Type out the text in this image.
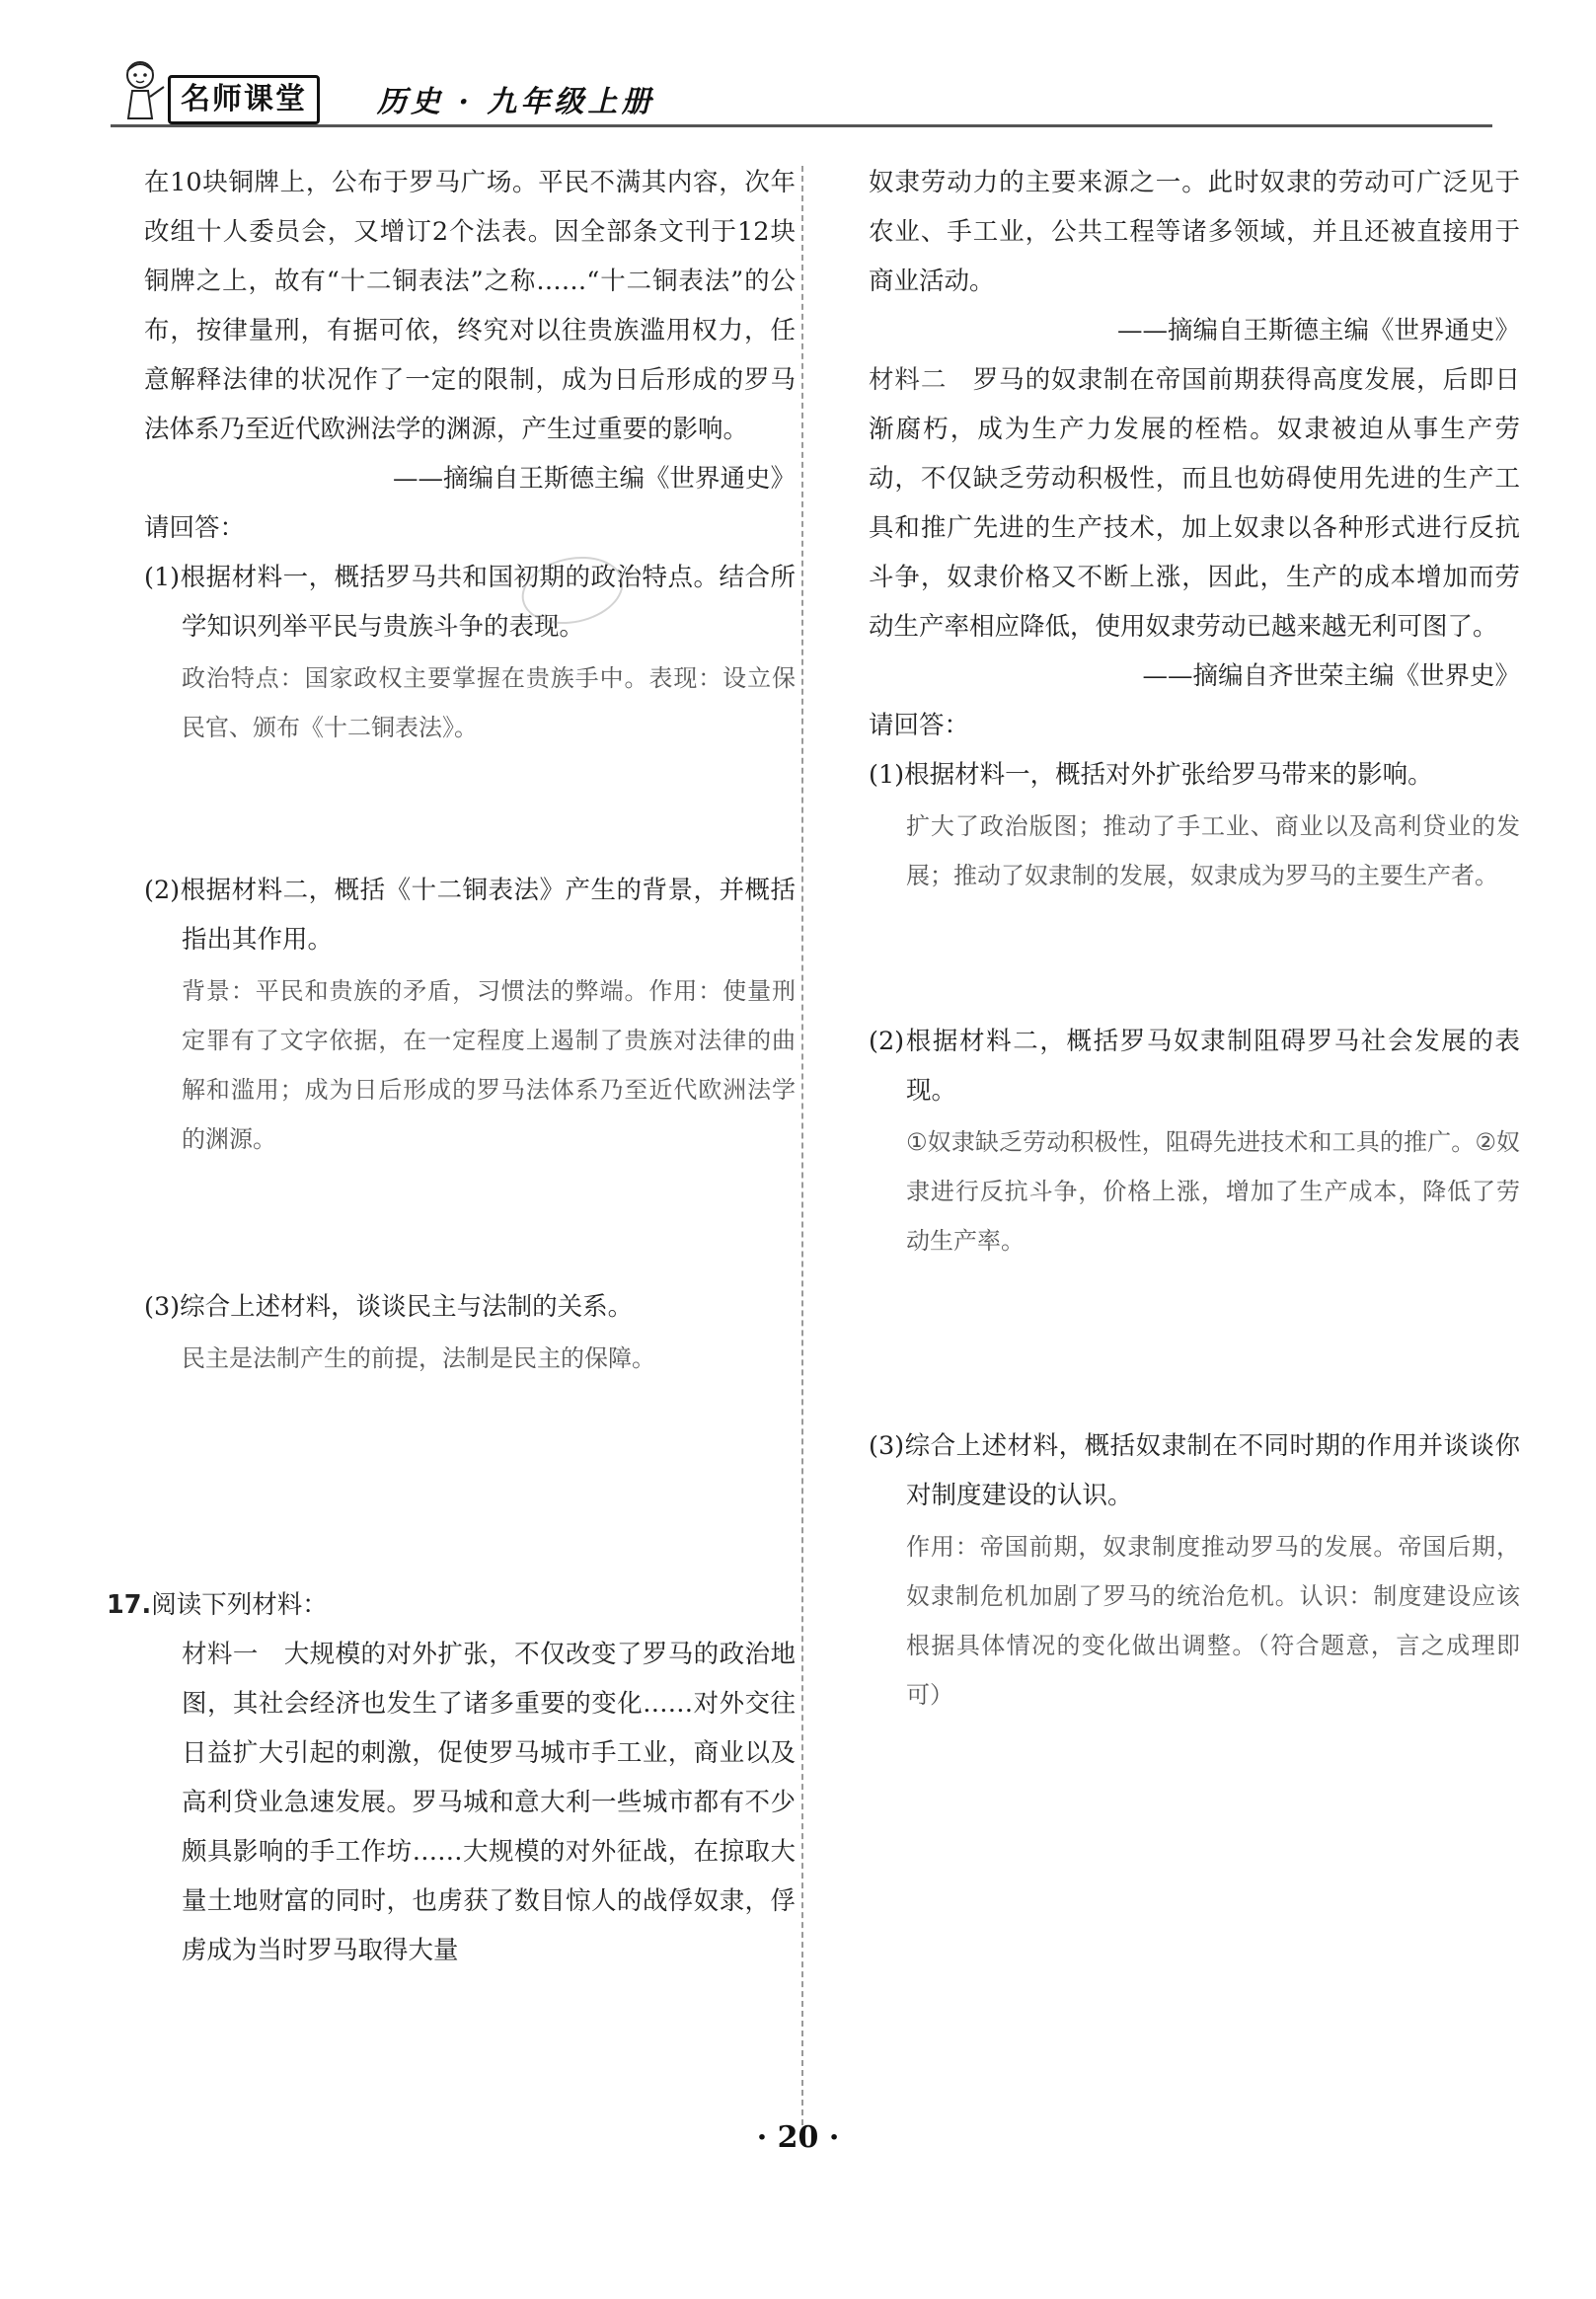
名师课堂	历史 · 九年级上册

在10块铜牌上，公布于罗马广场。平民不满其内容，次年改组十人委员会，又增订2个法表。因全部条文刊于12块铜牌之上，故有“十二铜表法”之称……“十二铜表法”的公布，按律量刑，有据可依，终究对以往贵族滥用权力，任意解释法律的状况作了一定的限制，成为日后形成的罗马法体系乃至近代欧洲法学的渊源，产生过重要的影响。

——摘编自王斯德主编《世界通史》

请回答：

(1)根据材料一，概括罗马共和国初期的政治特点。结合所学知识列举平民与贵族斗争的表现。

政治特点：国家政权主要掌握在贵族手中。表现：设立保民官、颁布《十二铜表法》。

(2)根据材料二，概括《十二铜表法》产生的背景，并概括指出其作用。

背景：平民和贵族的矛盾，习惯法的弊端。作用：使量刑定罪有了文字依据，在一定程度上遏制了贵族对法律的曲解和滥用；成为日后形成的罗马法体系乃至近代欧洲法学的渊源。

(3)综合上述材料，谈谈民主与法制的关系。

民主是法制产生的前提，法制是民主的保障。

17.阅读下列材料：

材料一　 大规模的对外扩张，不仅改变了罗马的政治地图，其社会经济也发生了诸多重要的变化……对外交往日益扩大引起的刺激，促使罗马城市手工业，商业以及高利贷业急速发展。罗马城和意大利一些城市都有不少颇具影响的手工作坊……大规模的对外征战，在掠取大量土地财富的同时，也虏获了数目惊人的战俘奴隶，俘虏成为当时罗马取得大量

奴隶劳动力的主要来源之一。此时奴隶的劳动可广泛见于农业、手工业，公共工程等诸多领域，并且还被直接用于商业活动。

——摘编自王斯德主编《世界通史》

材料二　 罗马的奴隶制在帝国前期获得高度发展，后即日渐腐朽，成为生产力发展的桎梏。奴隶被迫从事生产劳动，不仅缺乏劳动积极性，而且也妨碍使用先进的生产工具和推广先进的生产技术，加上奴隶以各种形式进行反抗斗争，奴隶价格又不断上涨，因此，生产的成本增加而劳动生产率相应降低，使用奴隶劳动已越来越无利可图了。

——摘编自齐世荣主编《世界史》

请回答：

(1)根据材料一，概括对外扩张给罗马带来的影响。

扩大了政治版图；推动了手工业、商业以及高利贷业的发展；推动了奴隶制的发展，奴隶成为罗马的主要生产者。

(2)根据材料二，概括罗马奴隶制阻碍罗马社会发展的表现。

①奴隶缺乏劳动积极性，阻碍先进技术和工具的推广。②奴隶进行反抗斗争，价格上涨，增加了生产成本，降低了劳动生产率。

(3)综合上述材料，概括奴隶制在不同时期的作用并谈谈你对制度建设的认识。

作用：帝国前期，奴隶制度推动罗马的发展。帝国后期，奴隶制危机加剧了罗马的统治危机。认识：制度建设应该根据具体情况的变化做出调整。（符合题意，言之成理即可）

· 20 ·
